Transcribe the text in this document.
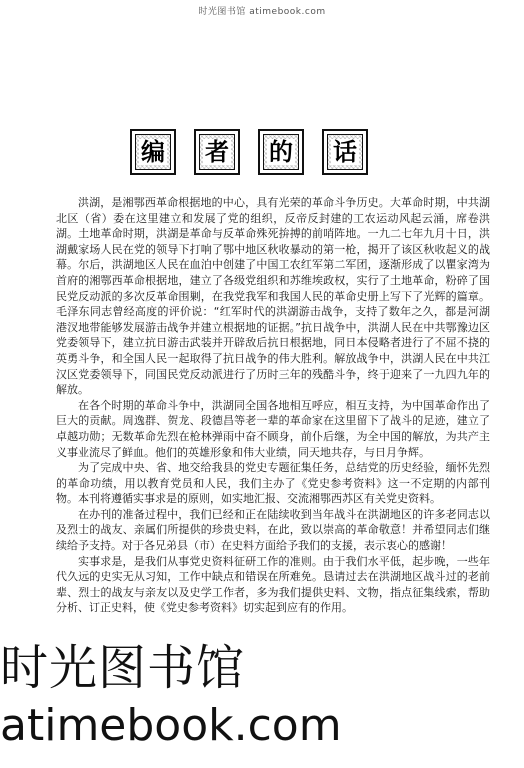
时光图书馆 atimebook.com
编 者 的 话

洪湖，是湘鄂西革命根据地的中心，具有光荣的革命斗争历史。大革命时期，中共湖北区（省）委在这里建立和发展了党的组织，反帝反封建的工农运动风起云涌，席卷洪湖。土地革命时期，洪湖是革命与反革命殊死拚搏的前哨阵地。一九二七年九月十日，洪湖戴家场人民在党的领导下打响了鄂中地区秋收暴动的第一枪，揭开了该区秋收起义的战幕。尔后，洪湖地区人民在血泊中创建了中国工农红军第二军团，逐渐形成了以瞿家湾为首府的湘鄂西革命根据地，建立了各级党组织和苏维埃政权，实行了土地革命，粉碎了国民党反动派的多次反革命围剿，在我党我军和我国人民的革命史册上写下了光辉的篇章。毛泽东同志曾经高度的评价说：“红军时代的洪湖游击战争，支持了数年之久，都是河湖港汊地带能够发展游击战争并建立根据地的证据。”抗日战争中，洪湖人民在中共鄂豫边区党委领导下，建立抗日游击武装并开辟敌后抗日根据地，同日本侵略者进行了不屈不挠的英勇斗争，和全国人民一起取得了抗日战争的伟大胜利。解放战争中，洪湖人民在中共江汉区党委领导下，同国民党反动派进行了历时三年的残酷斗争，终于迎来了一九四九年的解放。

在各个时期的革命斗争中，洪湖同全国各地相互呼应，相互支持，为中国革命作出了巨大的贡献。周逸群、贺龙、段德昌等老一辈的革命家在这里留下了战斗的足迹，建立了卓越功勋；无数革命先烈在枪林弹雨中奋不顾身，前仆后继，为全中国的解放，为共产主义事业流尽了鲜血。他们的英雄形象和伟大业绩，同天地共存，与日月争辉。

为了完成中央、省、地交给我县的党史专题征集任务，总结党的历史经验，缅怀先烈的革命功绩，用以教育党员和人民，我们主办了《党史参考资料》这一不定期的内部刊物。本刊将遵循实事求是的原则，如实地汇报、交流湘鄂西苏区有关党史资料。

在办刊的准备过程中，我们已经和正在陆续收到当年战斗在洪湖地区的许多老同志以及烈士的战友、亲属们所提供的珍贵史料，在此，致以崇高的革命敬意！并希望同志们继续给予支持。对于各兄弟县（市）在史料方面给予我们的支援，表示衷心的感谢！

实事求是，是我们从事党史资料征研工作的准则。由于我们水平低，起步晚，一些年代久远的史实无从习知，工作中缺点和错误在所难免。恳请过去在洪湖地区战斗过的老前辈、烈士的战友与亲友以及史学工作者，多为我们提供史料、文物，指点征集线索，帮助分析、订正史料，使《党史参考资料》切实起到应有的作用。

时光图书馆
atimebook.com
